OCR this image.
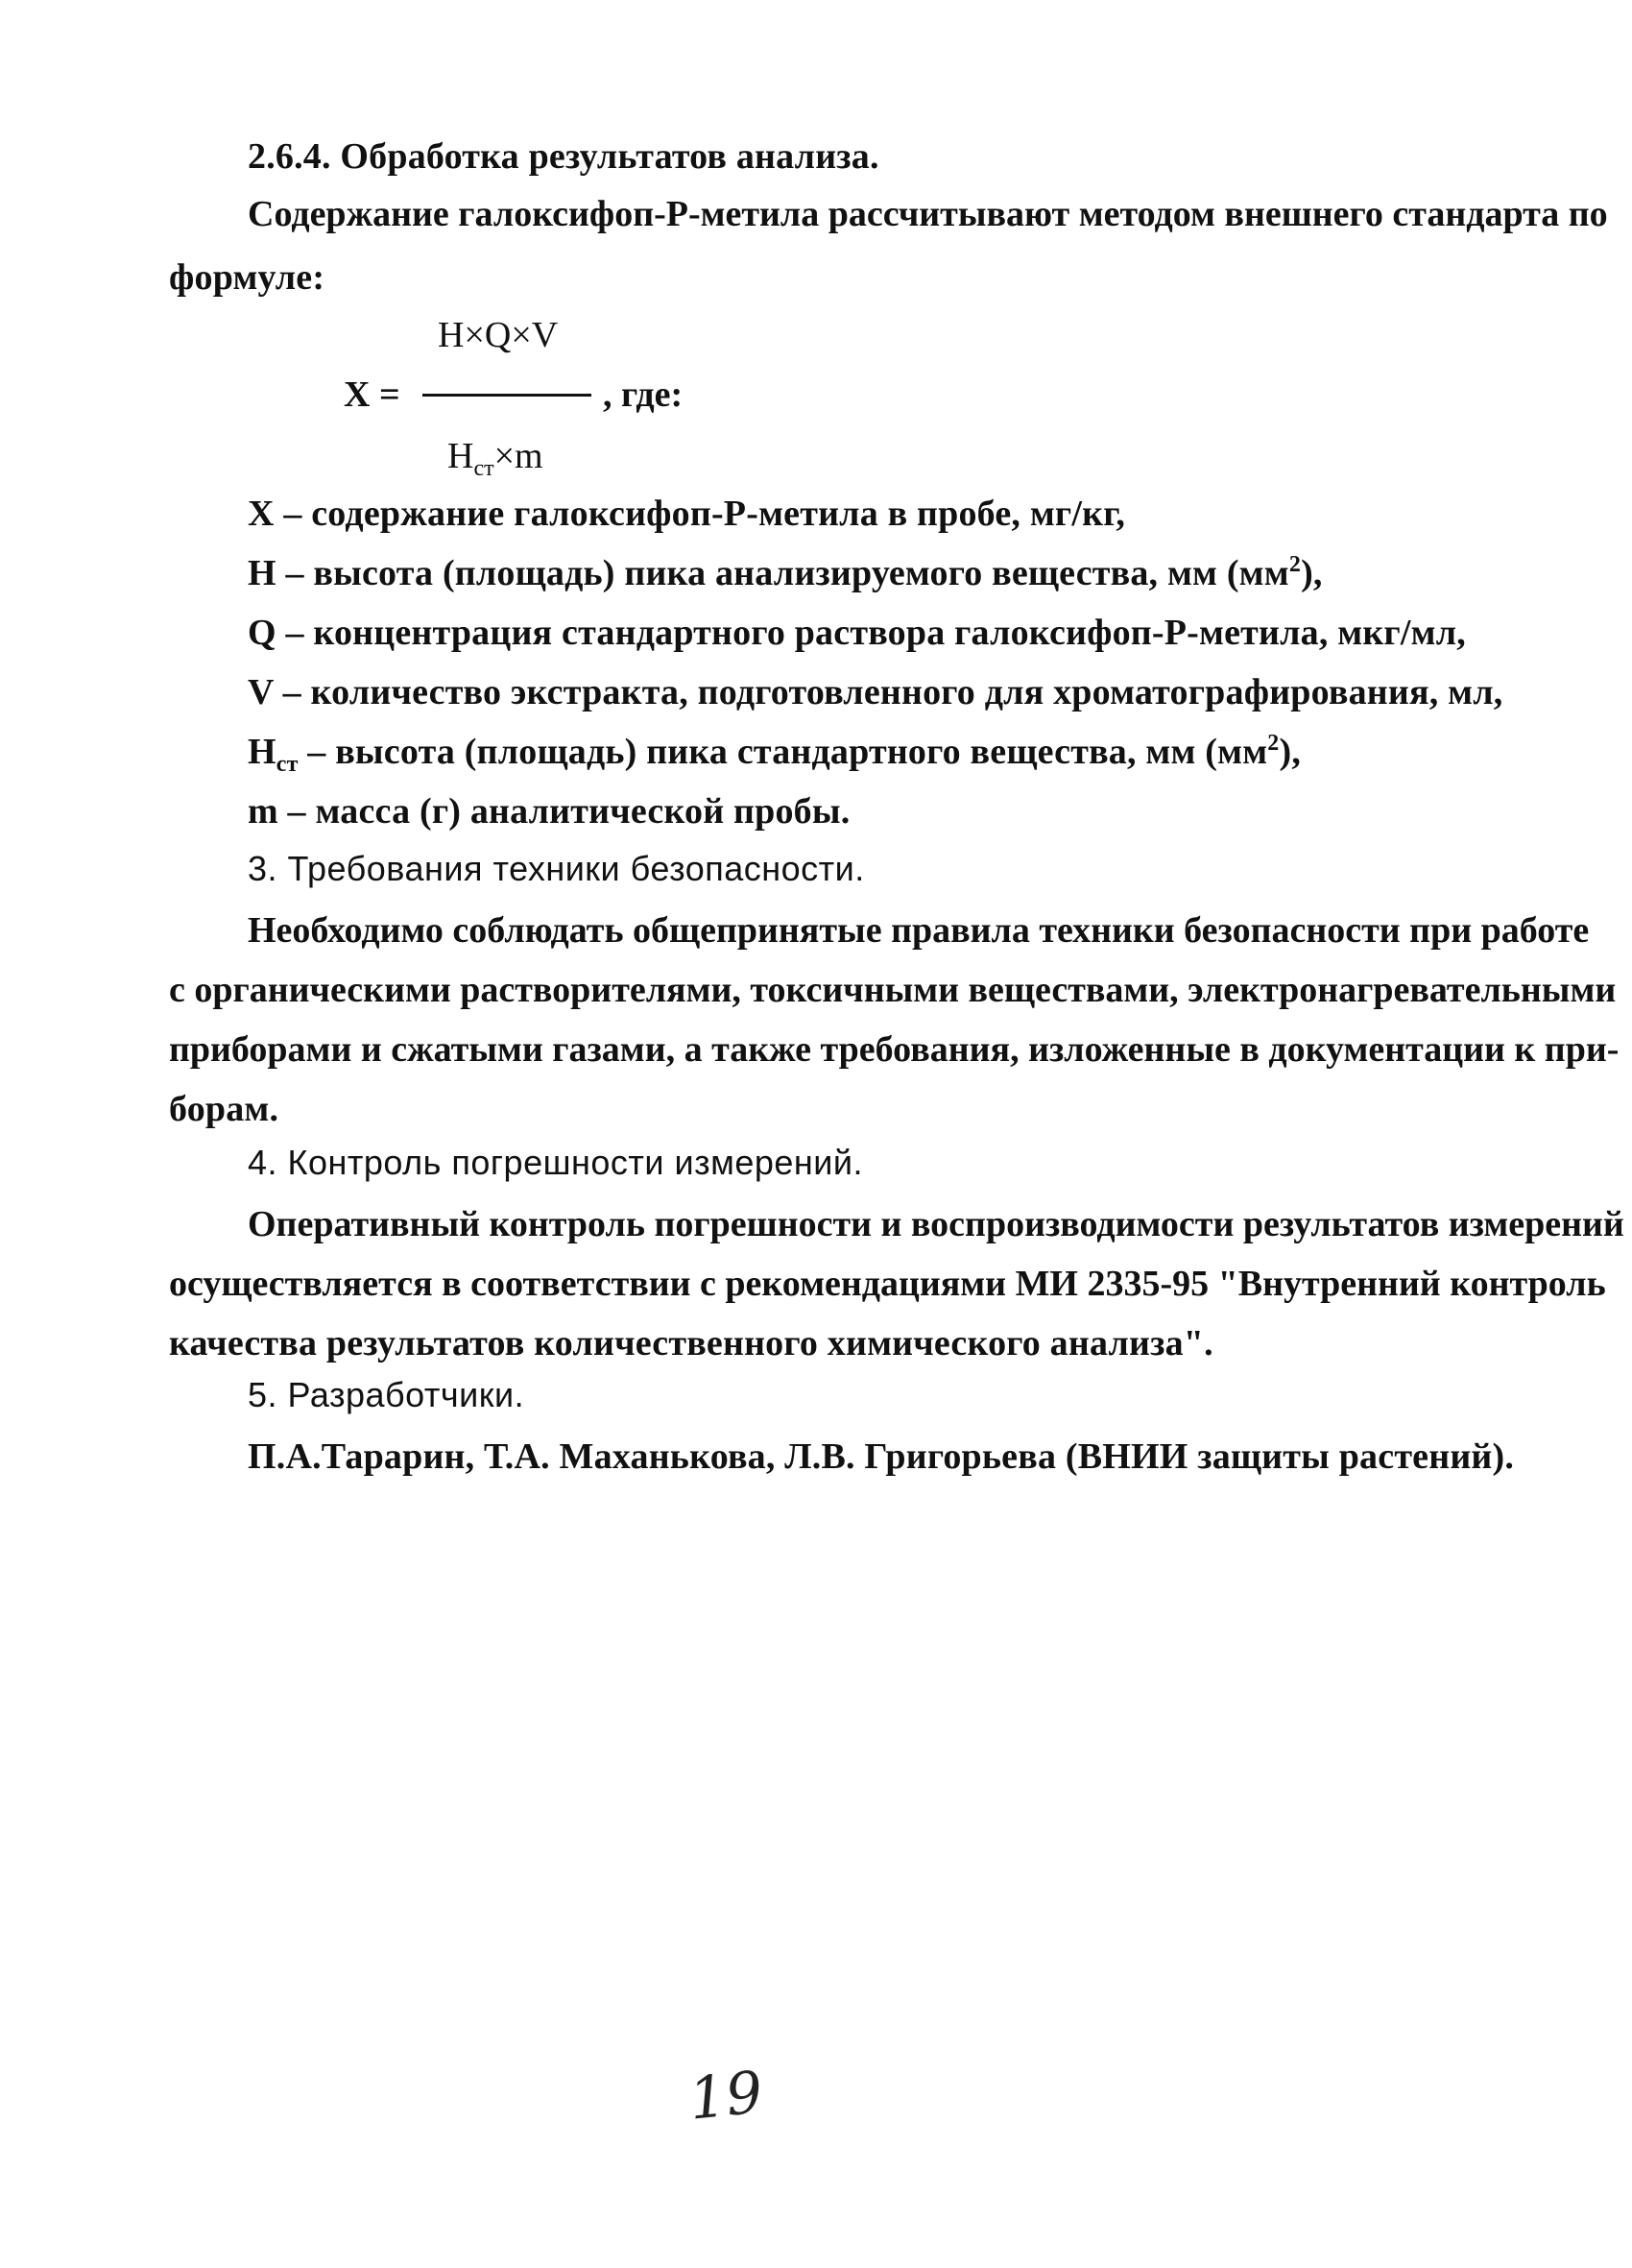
2.6.4. Обработка результатов анализа.
Содержание галоксифоп-Р-метила рассчитывают методом внешнего стандарта по
формуле:
H×Q×V
X =	, где:
$H_{ст}\times m$
X – содержание галоксифоп-Р-метила в пробе, мг/кг,
H – высота (площадь) пика анализируемого вещества, мм $(мм^2)$,
Q – концентрация стандартного раствора галоксифоп-Р-метила, мкг/мл,
V – количество экстракта, подготовленного для хроматографирования, мл,
$H_{ст}$ – высота (площадь) пика стандартного вещества, мм $(мм^2)$,
m – масса (г) аналитической пробы.
3. Требования техники безопасности.
Необходимо соблюдать общепринятые правила техники безопасности при работе
с органическими растворителями, токсичными веществами, электронагревательными
приборами и сжатыми газами, а также требования, изложенные в документации к при-
борам.
4. Контроль погрешности измерений.
Оперативный контроль погрешности и воспроизводимости результатов измерений
осуществляется в соответствии с рекомендациями МИ 2335-95 "Внутренний контроль
качества результатов количественного химического анализа".
5. Разработчики.
П.А.Тарарин, Т.А. Маханькова, Л.В. Григорьева (ВНИИ защиты растений).
19
